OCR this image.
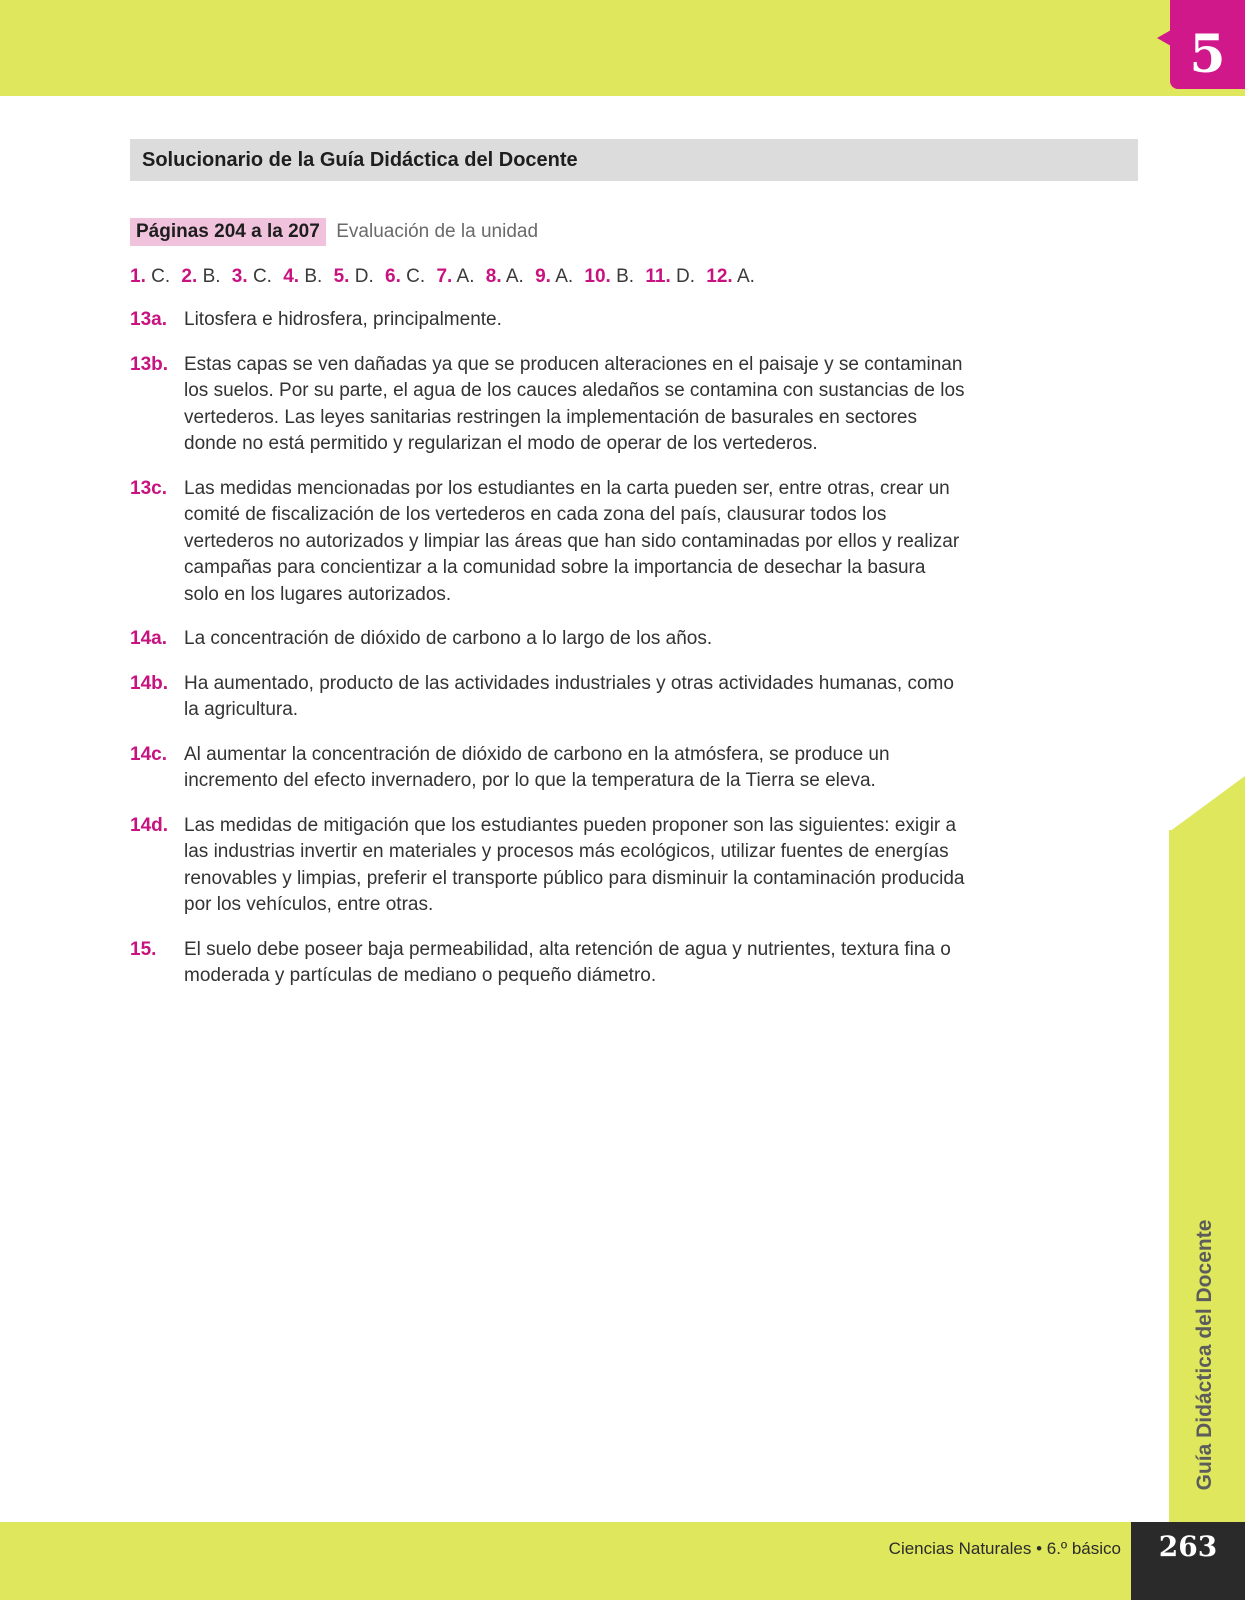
5
Solucionario de la Guía Didáctica del Docente
Páginas 204 a la 207 Evaluación de la unidad
1. C. 2. B. 3. C. 4. B. 5. D. 6. C. 7. A. 8. A. 9. A. 10. B. 11. D. 12. A.
13a. Litosfera e hidrosfera, principalmente.
13b. Estas capas se ven dañadas ya que se producen alteraciones en el paisaje y se contaminan los suelos. Por su parte, el agua de los cauces aledaños se contamina con sustancias de los vertederos. Las leyes sanitarias restringen la implementación de basurales en sectores donde no está permitido y regularizan el modo de operar de los vertederos.
13c. Las medidas mencionadas por los estudiantes en la carta pueden ser, entre otras, crear un comité de fiscalización de los vertederos en cada zona del país, clausurar todos los vertederos no autorizados y limpiar las áreas que han sido contaminadas por ellos y realizar campañas para concientizar a la comunidad sobre la importancia de desechar la basura solo en los lugares autorizados.
14a. La concentración de dióxido de carbono a lo largo de los años.
14b. Ha aumentado, producto de las actividades industriales y otras actividades humanas, como la agricultura.
14c. Al aumentar la concentración de dióxido de carbono en la atmósfera, se produce un incremento del efecto invernadero, por lo que la temperatura de la Tierra se eleva.
14d. Las medidas de mitigación que los estudiantes pueden proponer son las siguientes: exigir a las industrias invertir en materiales y procesos más ecológicos, utilizar fuentes de energías renovables y limpias, preferir el transporte público para disminuir la contaminación producida por los vehículos, entre otras.
15. El suelo debe poseer baja permeabilidad, alta retención de agua y nutrientes, textura fina o moderada y partículas de mediano o pequeño diámetro.
Guía Didáctica del Docente
Ciencias Naturales • 6.º básico	263
